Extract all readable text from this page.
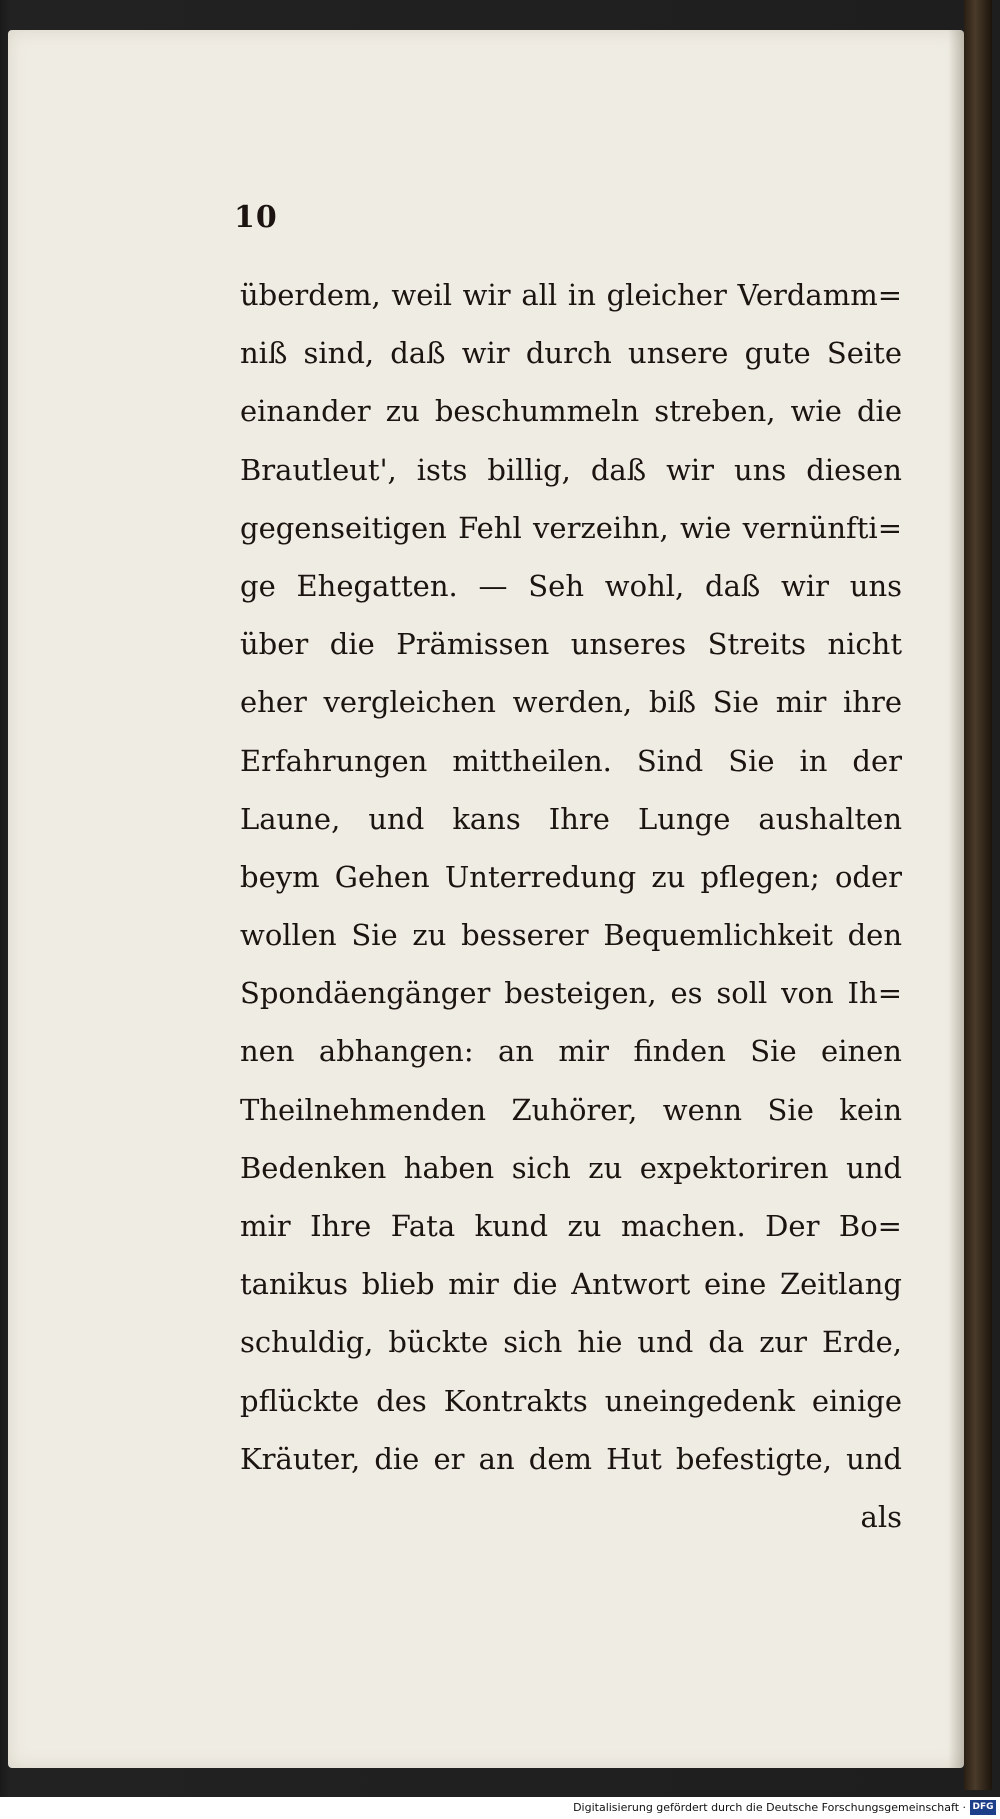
10
überdem, weil wir all in gleicher Verdamm=
niß sind, daß wir durch unsere gute Seite
einander zu beschummeln streben, wie die
Brautleut', ists billig, daß wir uns diesen
gegenseitigen Fehl verzeihn, wie vernünfti=
ge Ehegatten. — Seh wohl, daß wir uns
über die Prämissen unseres Streits nicht
eher vergleichen werden, biß Sie mir ihre
Erfahrungen mittheilen. Sind Sie in der
Laune, und kans Ihre Lunge aushalten
beym Gehen Unterredung zu pflegen; oder
wollen Sie zu besserer Bequemlichkeit den
Spondäengänger besteigen, es soll von Ih=
nen abhangen: an mir finden Sie einen
Theilnehmenden Zuhörer, wenn Sie kein
Bedenken haben sich zu expektoriren und
mir Ihre Fata kund zu machen. Der Bo=
tanikus blieb mir die Antwort eine Zeitlang
schuldig, bückte sich hie und da zur Erde,
pflückte des Kontrakts uneingedenk einige
Kräuter, die er an dem Hut befestigte, und
als
Digitalisierung gefördert durch die Deutsche Forschungsgemeinschaft · DFG
